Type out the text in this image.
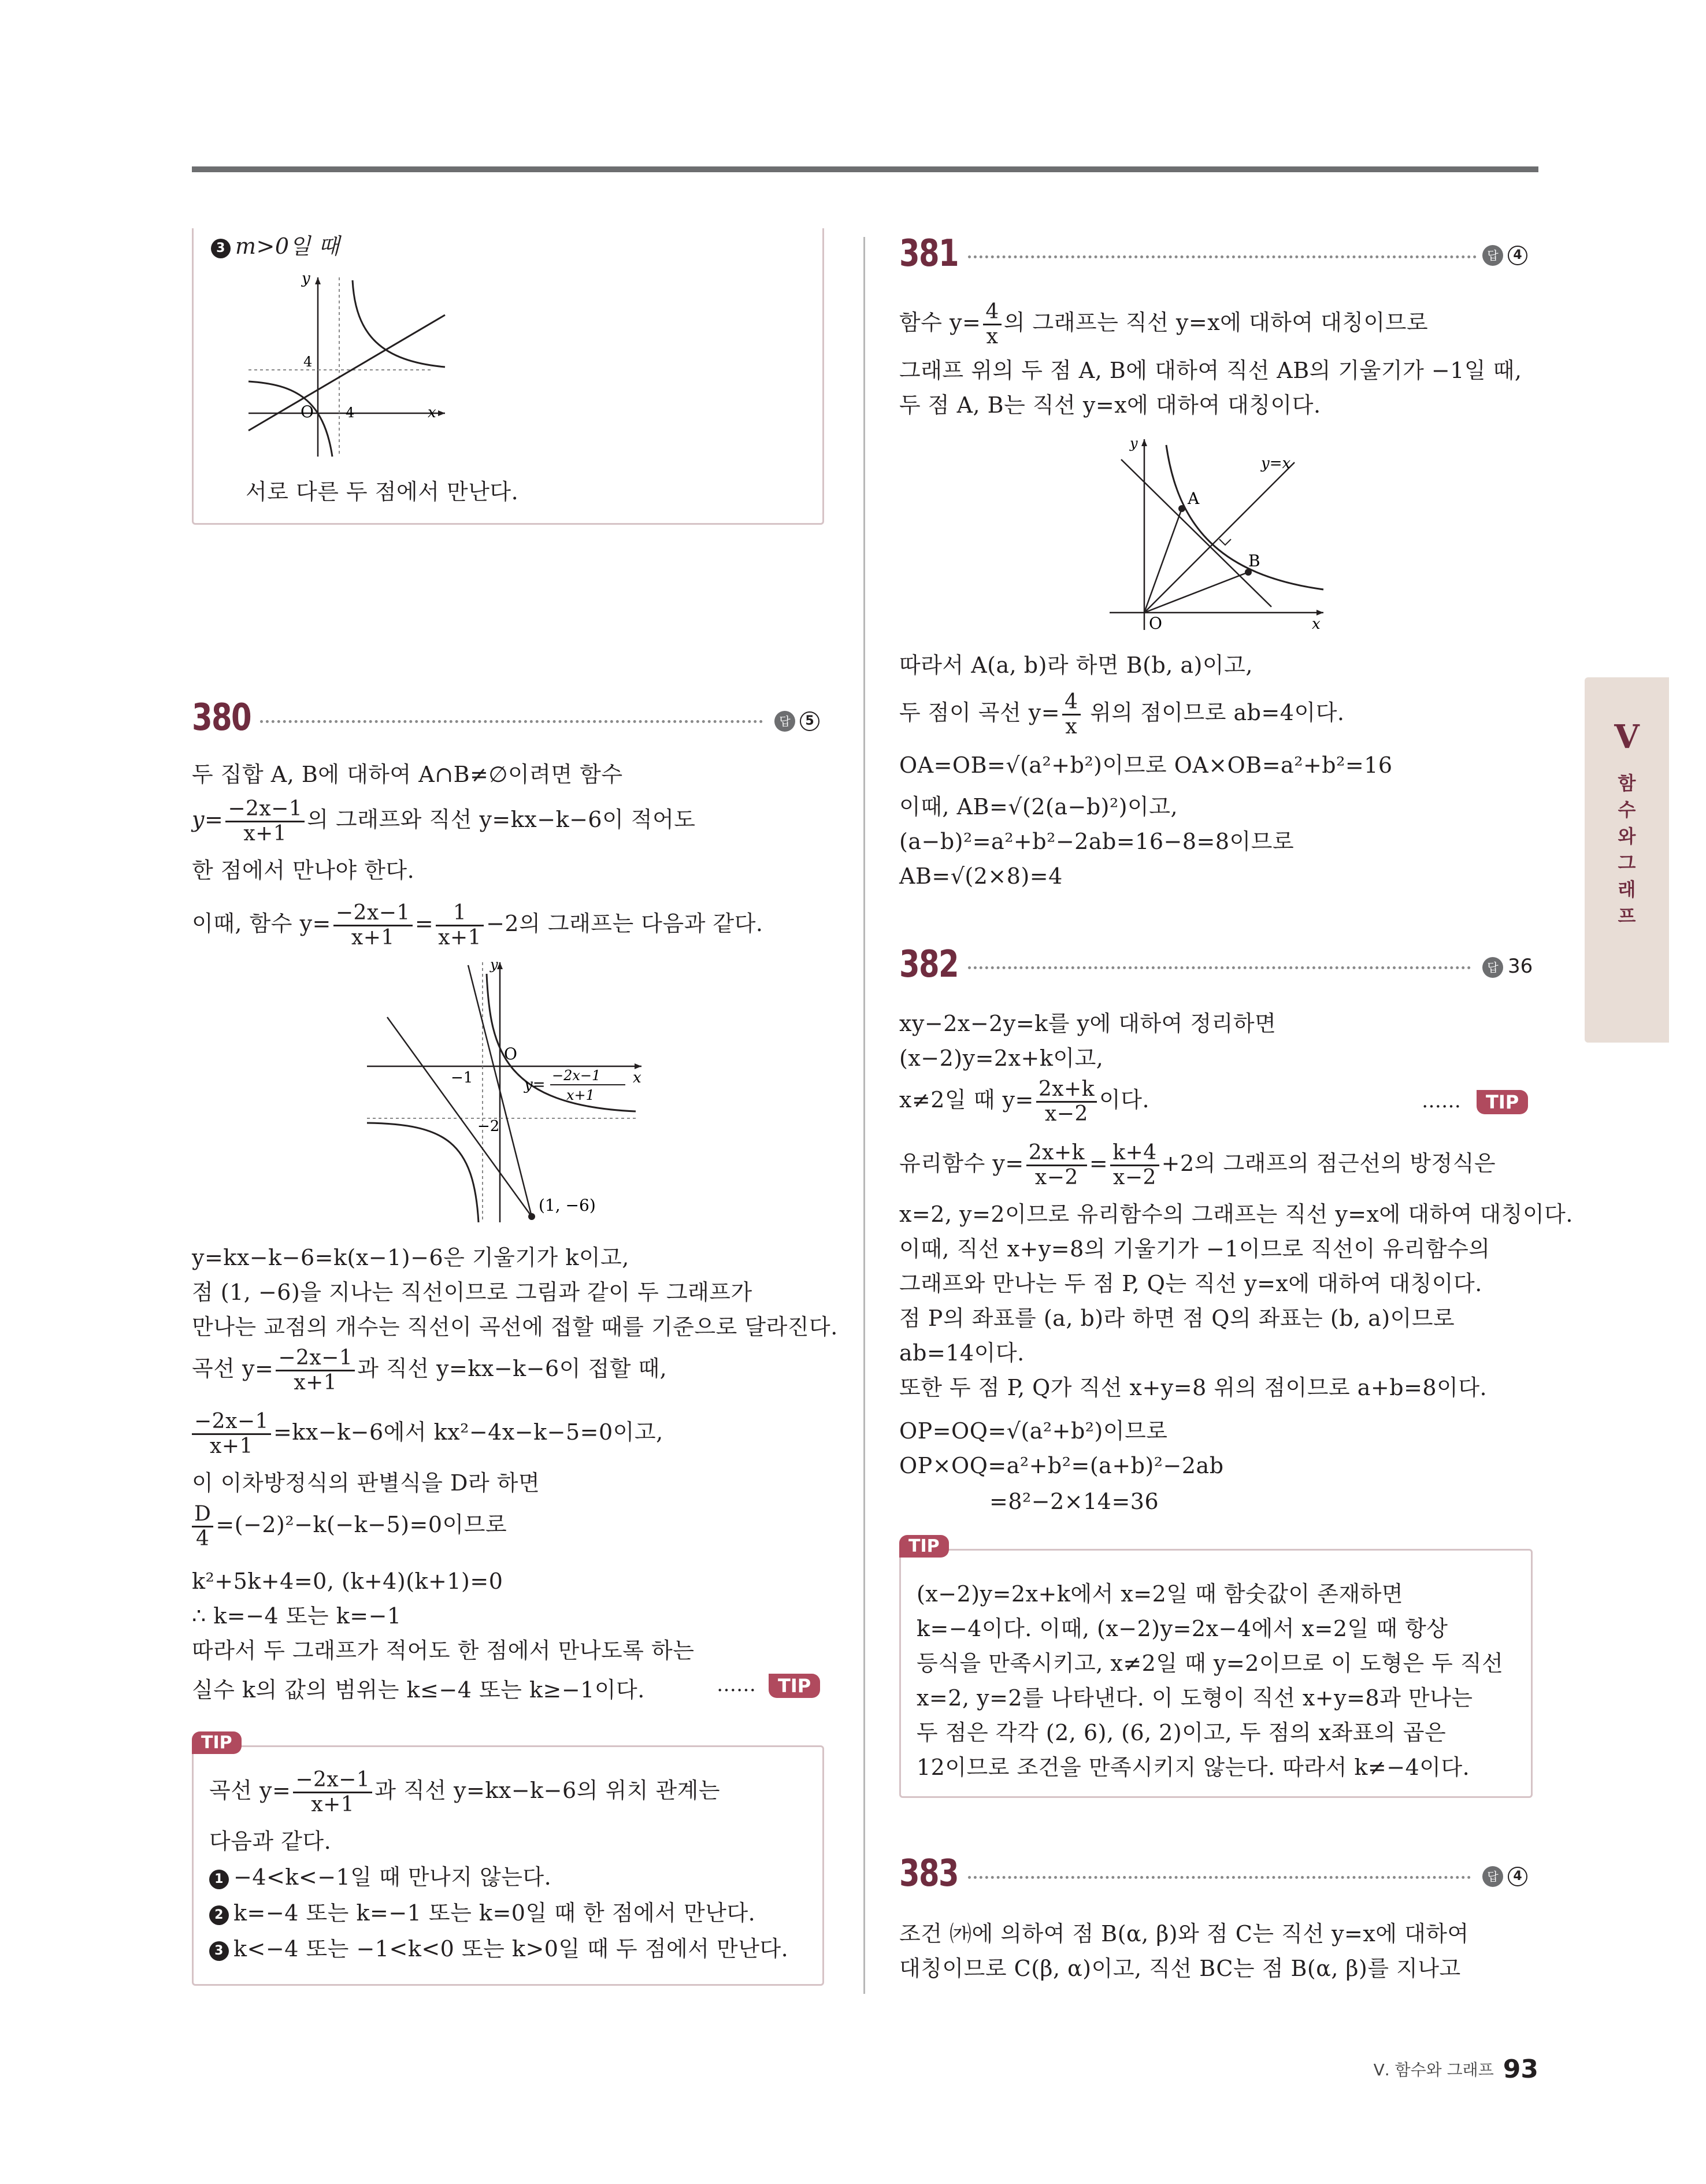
3 m>0일 때
y
x
O
4
4
서로 다른 두 점에서 만난다.
380	답 5
두 집합 A, B에 대하여 A∩B≠∅이려면 함수
$y= \frac{-2x-1}{x+1}$ 의 그래프와 직선 y=kx−k−6이 적어도
한 점에서 만나야 한다.
이때, 함수 $y= \frac{-2x-1}{x+1} = \frac{1}{x+1} -2$의 그래프는 다음과 같다.
y
x
O
−1
−2
y=
−2x−1
x+1
(1, −6)
y=kx−k−6=k(x−1)−6은 기울기가 k이고,
점 (1, −6)을 지나는 직선이므로 그림과 같이 두 그래프가
만나는 교점의 개수는 직선이 곡선에 접할 때를 기준으로 달라진다.
곡선 $y= \frac{-2x-1}{x+1}$ 과 직선 y=kx−k−6이 접할 때,
$\frac{-2x-1}{x+1} =kx-k-6$에서 kx²−4x−k−5=0이고,
이 이차방정식의 판별식을 D라 하면
$\frac{D}{4} =(-2)^2-k(-k-5)=0$이므로
k²+5k+4=0, (k+4)(k+1)=0
∴ k=−4 또는 k=−1
따라서 두 그래프가 적어도 한 점에서 만나도록 하는
실수 k의 값의 범위는 k≤−4 또는 k≥−1이다.	……	TIP
TIP
곡선 $y= \frac{-2x-1}{x+1}$ 과 직선 y=kx−k−6의 위치 관계는
다음과 같다.
1 −4<k<−1일 때 만나지 않는다.
2 k=−4 또는 k=−1 또는 k=0일 때 한 점에서 만난다.
3 k<−4 또는 −1<k<0 또는 k>0일 때 두 점에서 만난다.
381	답 4
함수 $y= \frac{4}{x}$ 의 그래프는 직선 y=x에 대하여 대칭이므로
그래프 위의 두 점 A, B에 대하여 직선 AB의 기울기가 −1일 때,
두 점 A, B는 직선 y=x에 대하여 대칭이다.
y
x
O
y=x
A
B
따라서 A(a, b)라 하면 B(b, a)이고,
두 점이 곡선 $y= \frac{4}{x}$ 위의 점이므로 ab=4이다.
OA=OB=√(a²+b²)이므로 OA×OB=a²+b²=16
이때, AB=√(2(a−b)²)이고,
(a−b)²=a²+b²−2ab=16−8=8이므로
AB=√(2×8)=4
382	답 36
xy−2x−2y=k를 y에 대하여 정리하면
(x−2)y=2x+k이고,
x≠2일 때 $y= \frac{2x+k}{x-2}$ 이다.	……	TIP
유리함수 $y= \frac{2x+k}{x-2} = \frac{k+4}{x-2} +2$의 그래프의 점근선의 방정식은
x=2, y=2이므로 유리함수의 그래프는 직선 y=x에 대하여 대칭이다.
이때, 직선 x+y=8의 기울기가 −1이므로 직선이 유리함수의
그래프와 만나는 두 점 P, Q는 직선 y=x에 대하여 대칭이다.
점 P의 좌표를 (a, b)라 하면 점 Q의 좌표는 (b, a)이므로
ab=14이다.
또한 두 점 P, Q가 직선 x+y=8 위의 점이므로 a+b=8이다.
OP=OQ=√(a²+b²)이므로
OP×OQ=a²+b²=(a+b)²−2ab
=8²−2×14=36
TIP
(x−2)y=2x+k에서 x=2일 때 함숫값이 존재하면
k=−4이다. 이때, (x−2)y=2x−4에서 x=2일 때 항상
등식을 만족시키고, x≠2일 때 y=2이므로 이 도형은 두 직선
x=2, y=2를 나타낸다. 이 도형이 직선 x+y=8과 만나는
두 점은 각각 (2, 6), (6, 2)이고, 두 점의 x좌표의 곱은
12이므로 조건을 만족시키지 않는다. 따라서 k≠−4이다.
383	답 4
조건 ㈎에 의하여 점 B(α, β)와 점 C는 직선 y=x에 대하여
대칭이므로 C(β, α)이고, 직선 BC는 점 B(α, β)를 지나고
Ⅴ
함
수
와
그
래
프
Ⅴ. 함수와 그래프 93
